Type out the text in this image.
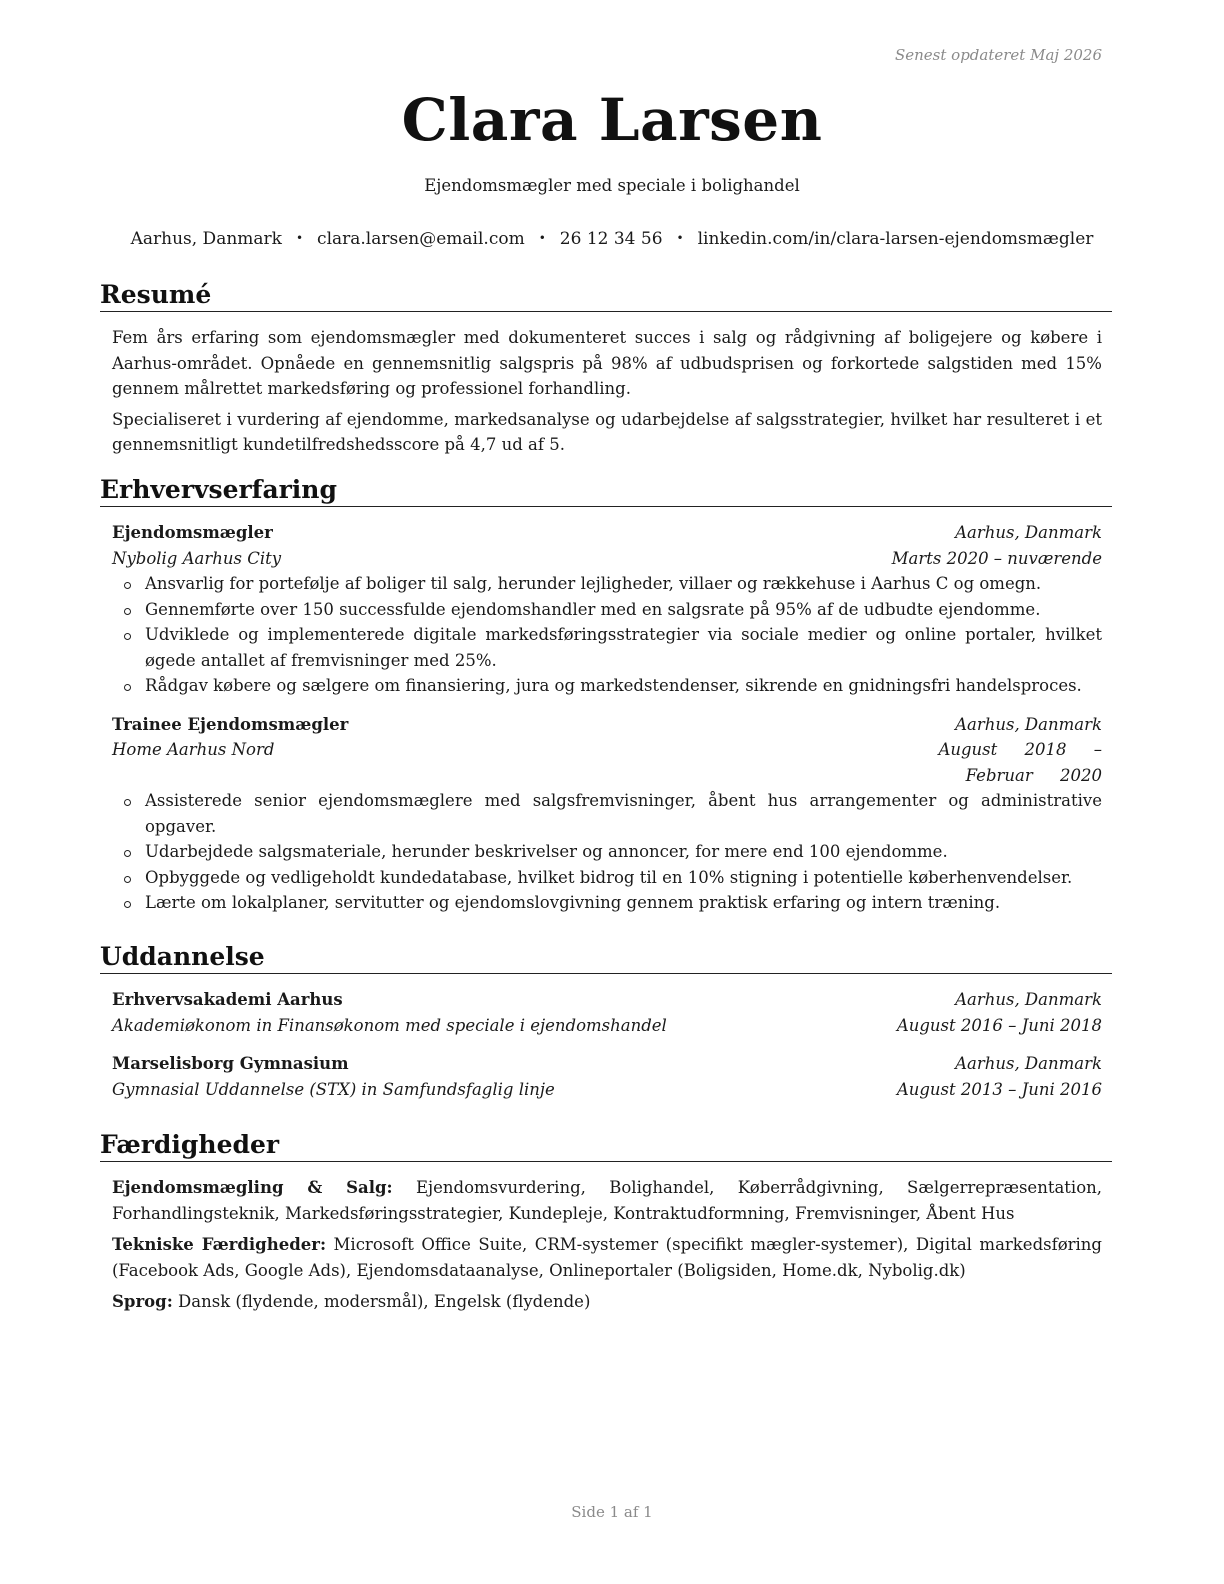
Senest opdateret Maj 2026
Clara Larsen
Ejendomsmægler med speciale i bolighandel
Aarhus, Danmark • clara.larsen@email.com • 26 12 34 56 • linkedin.com/in/clara-larsen-ejendomsmægler
Resumé

Fem års erfaring som ejendomsmægler med dokumenteret succes i salg og rådgivning af boligejere og købere i Aarhus-området. Opnåede en gennemsnitlig salgspris på 98% af udbudsprisen og forkortede salgstiden med 15% gennem målrettet markedsføring og professionel forhandling.

Specialiseret i vurdering af ejendomme, markedsanalyse og udarbejdelse af salgsstrategier, hvilket har resulteret i et gennemsnitligt kundetilfredshedsscore på 4,7 ud af 5.

Erhvervserfaring
Ejendomsmægler	Aarhus, Danmark
Nybolig Aarhus City	Marts 2020 – nuværende
Ansvarlig for portefølje af boliger til salg, herunder lejligheder, villaer og rækkehuse i Aarhus C og omegn.
Gennemførte over 150 successfulde ejendomshandler med en salgsrate på 95% af de udbudte ejendomme.
Udviklede og implementerede digitale markedsføringsstrategier via sociale medier og online portaler, hvilket øgede antallet af fremvisninger med 25%.
Rådgav købere og sælgere om finansiering, jura og markedstendenser, sikrende en gnidningsfri handelsproces.
Trainee Ejendomsmægler	Aarhus, Danmark
Home Aarhus Nord	August 2018 – Februar 2020
Assisterede senior ejendomsmæglere med salgsfremvisninger, åbent hus arrangementer og administrative opgaver.
Udarbejdede salgsmateriale, herunder beskrivelser og annoncer, for mere end 100 ejendomme.
Opbyggede og vedligeholdt kundedatabase, hvilket bidrog til en 10% stigning i potentielle køberhenvendelser.
Lærte om lokalplaner, servitutter og ejendomslovgivning gennem praktisk erfaring og intern træning.
Uddannelse
Erhvervsakademi Aarhus	Aarhus, Danmark
Akademiøkonom in Finansøkonom med speciale i ejendomshandel	August 2016 – Juni 2018
Marselisborg Gymnasium	Aarhus, Danmark
Gymnasial Uddannelse (STX) in Samfundsfaglig linje	August 2013 – Juni 2016
Færdigheder
Ejendomsmægling & Salg: Ejendomsvurdering, Bolighandel, Køberrådgivning, Sælgerrepræsentation, Forhandlingsteknik, Markedsføringsstrategier, Kundepleje, Kontraktudformning, Fremvisninger, Åbent Hus
Tekniske Færdigheder: Microsoft Office Suite, CRM-systemer (specifikt mægler-systemer), Digital markedsføring (Facebook Ads, Google Ads), Ejendomsdataanalyse, Onlineportaler (Boligsiden, Home.dk, Nybolig.dk)
Sprog: Dansk (flydende, modersmål), Engelsk (flydende)
Side 1 af 1
